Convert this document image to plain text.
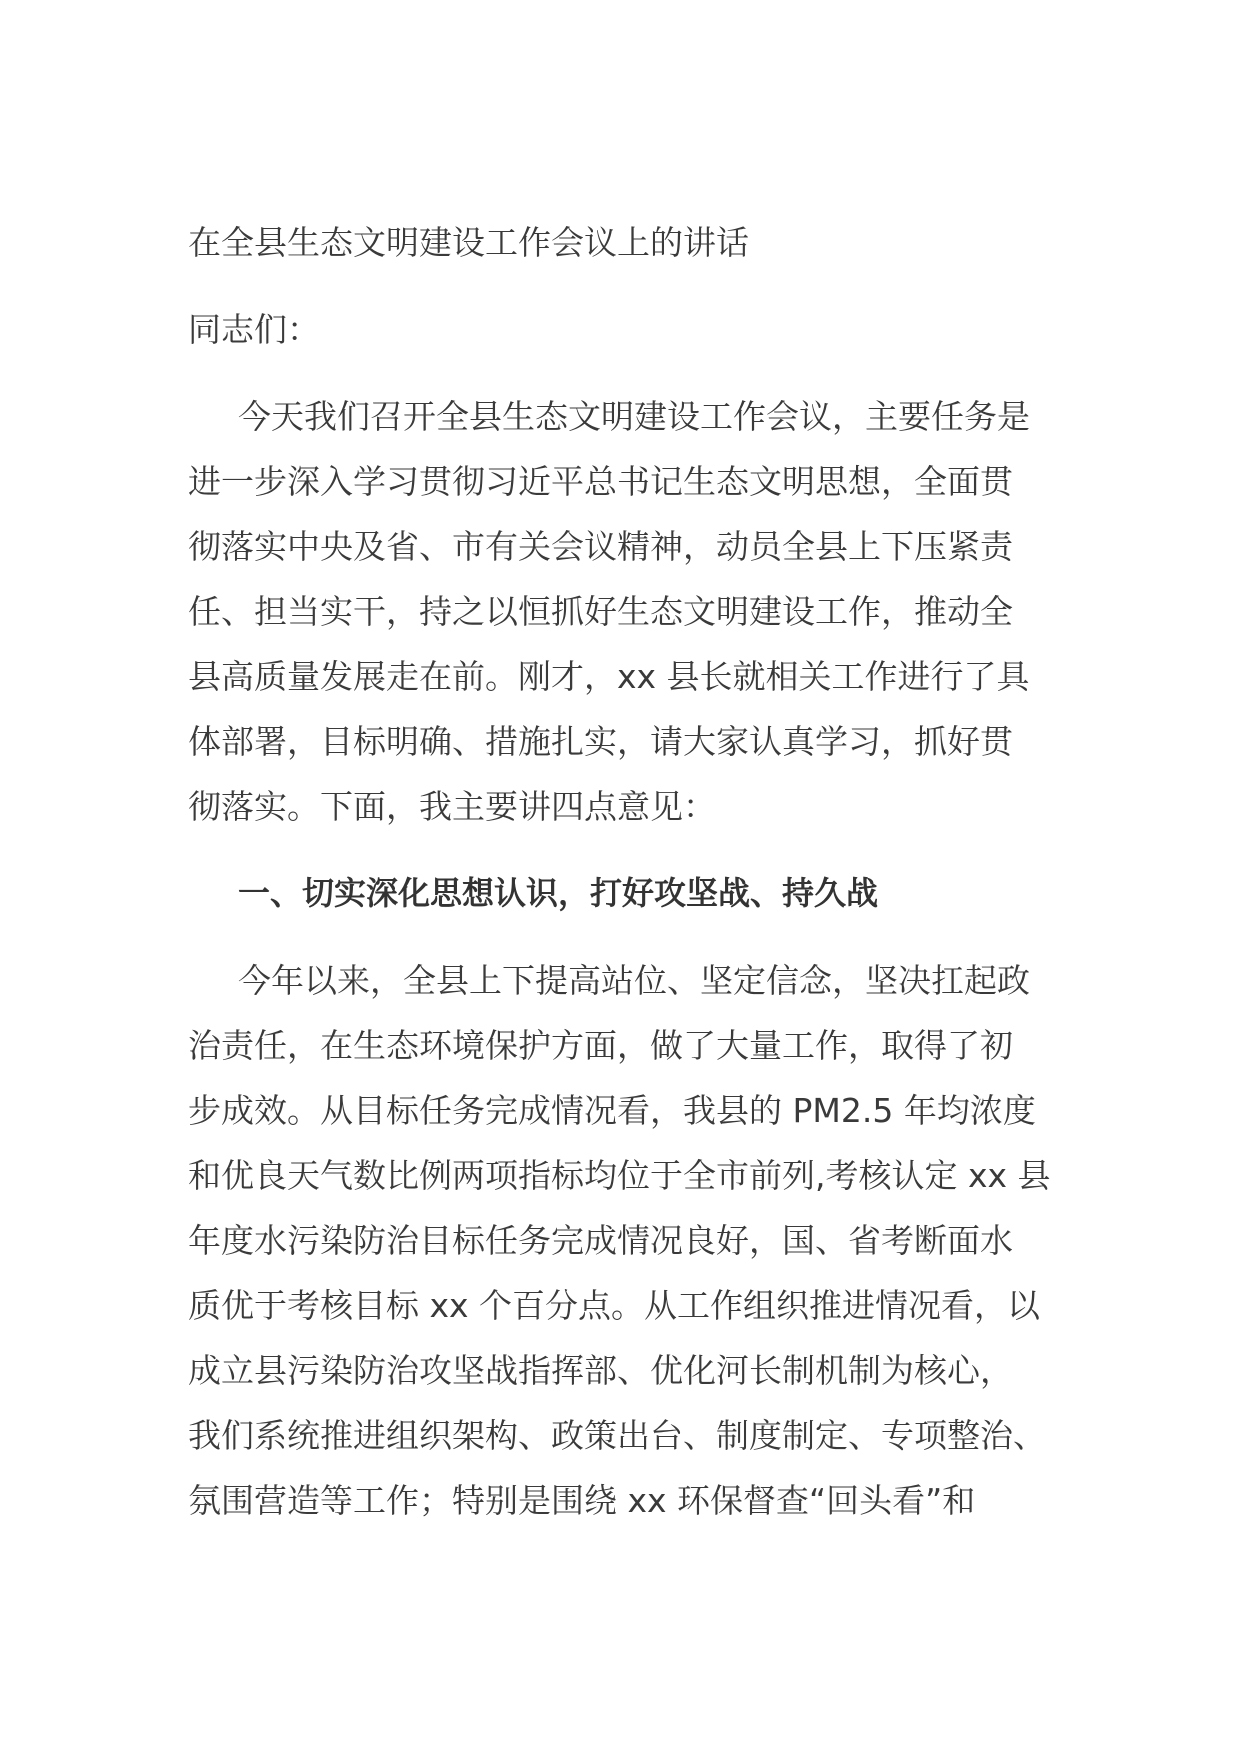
在全县生态文明建设工作会议上的讲话
同志们：
今天我们召开全县生态文明建设工作会议，主要任务是
进一步深入学习贯彻习近平总书记生态文明思想，全面贯
彻落实中央及省、市有关会议精神，动员全县上下压紧责
任、担当实干，持之以恒抓好生态文明建设工作，推动全
县高质量发展走在前。刚才，xx 县长就相关工作进行了具
体部署，目标明确、措施扎实，请大家认真学习，抓好贯
彻落实。下面，我主要讲四点意见：
一、切实深化思想认识，打好攻坚战、持久战
今年以来，全县上下提高站位、坚定信念，坚决扛起政
治责任，在生态环境保护方面，做了大量工作，取得了初
步成效。从目标任务完成情况看，我县的 PM2.5 年均浓度
和优良天气数比例两项指标均位于全市前列,考核认定 xx 县
年度水污染防治目标任务完成情况良好，国、省考断面水
质优于考核目标 xx 个百分点。从工作组织推进情况看，以
成立县污染防治攻坚战指挥部、优化河长制机制为核心，
我们系统推进组织架构、政策出台、制度制定、专项整治、
氛围营造等工作；特别是围绕 xx 环保督查“回头看”和
